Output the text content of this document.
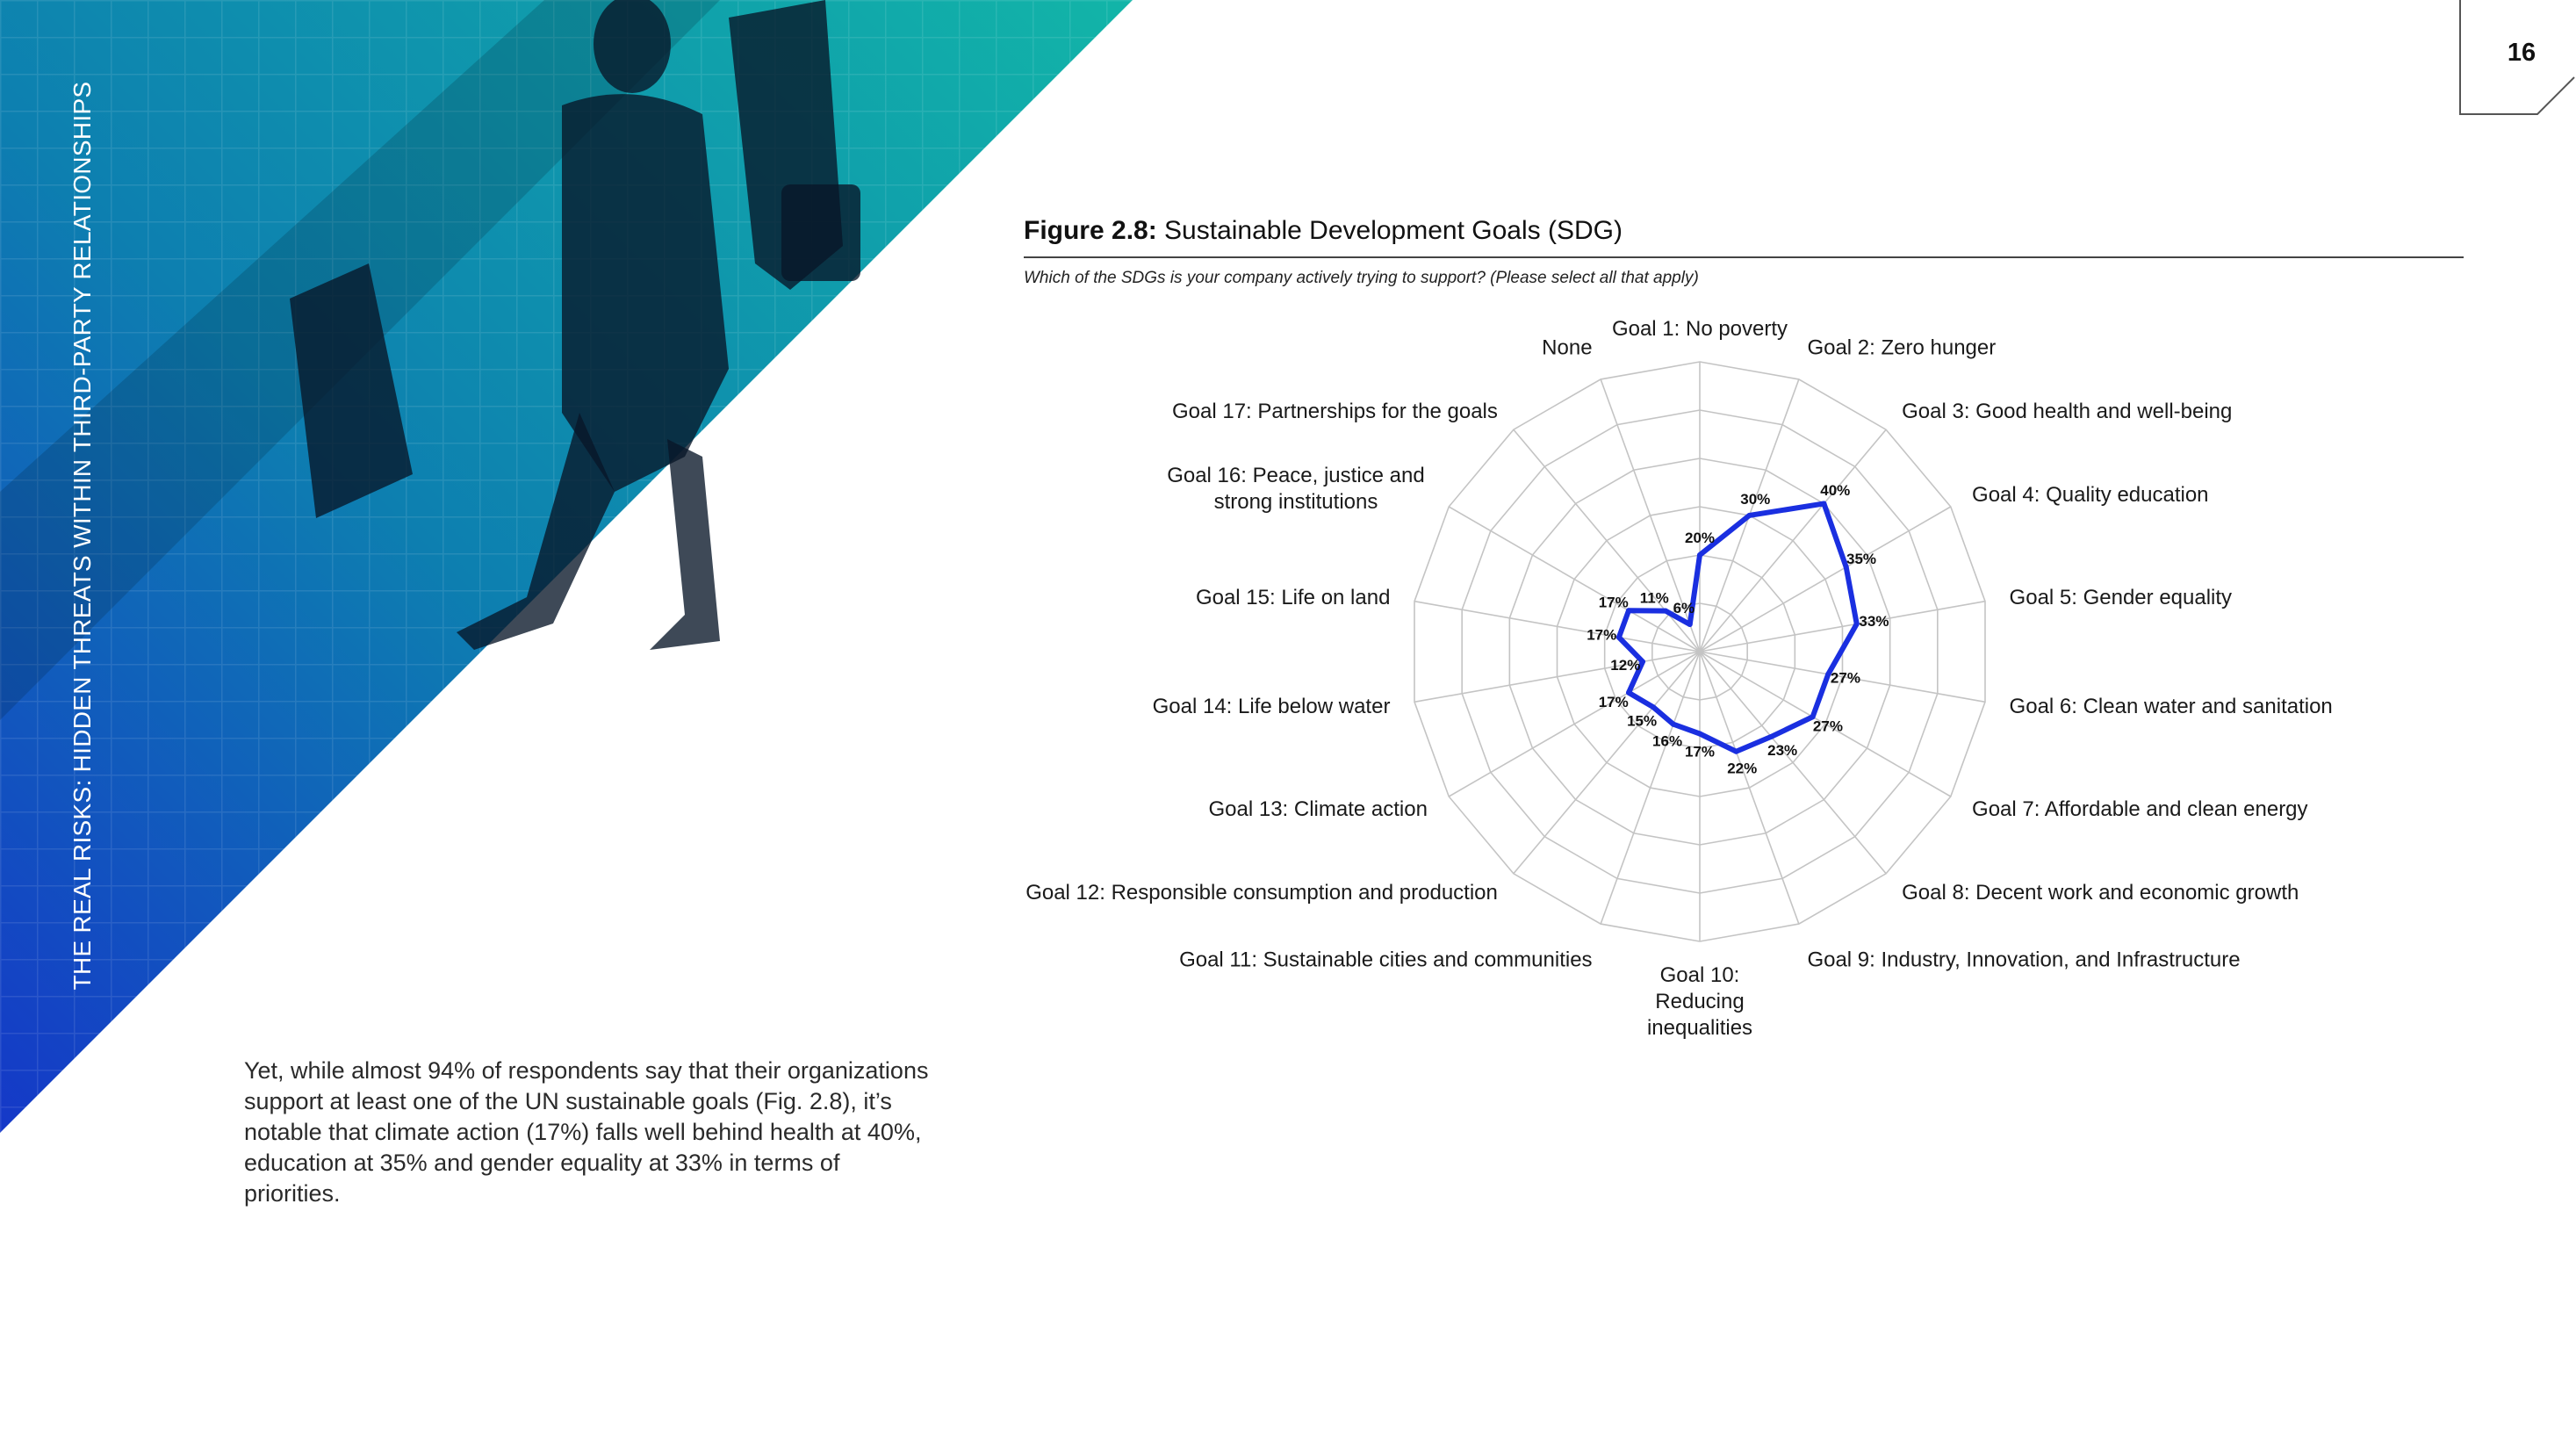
THE REAL RISKS: HIDDEN THREATS WITHIN THIRD-PARTY RELATIONSHIPS
16
Figure 2.8: Sustainable Development Goals (SDG)
Which of the SDGs is your company actively trying to support? (Please select all that apply)
20%
30%
40%
35%
33%
27%
27%
23%
22%
17%
16%
15%
17%
12%
17%
17% 11%
6%
Goal 1: No poverty
Goal 2: Zero hunger
Goal 3: Good health and well-being
Goal 4: Quality education
Goal 5: Gender equality
Goal 6: Clean water and sanitation
Goal 7: Affordable and clean energy
Goal 8: Decent work and economic growth
Goal 9: Industry, Innovation, and Infrastructure
Goal 10: Reducing inequalities
Goal 11: Sustainable cities and communities
Goal 12: Responsible consumption and production
Goal 13: Climate action
Goal 14: Life below water
Goal 15: Life on land
Goal 16: Peace, justice and strong institutions
Goal 17: Partnerships for the goals
None
Yet, while almost 94% of respondents say that their organizations support at least one of the UN sustainable goals (Fig. 2.8), it’s notable that climate action (17%) falls well behind health at 40%, education at 35% and gender equality at 33% in terms of priorities.
